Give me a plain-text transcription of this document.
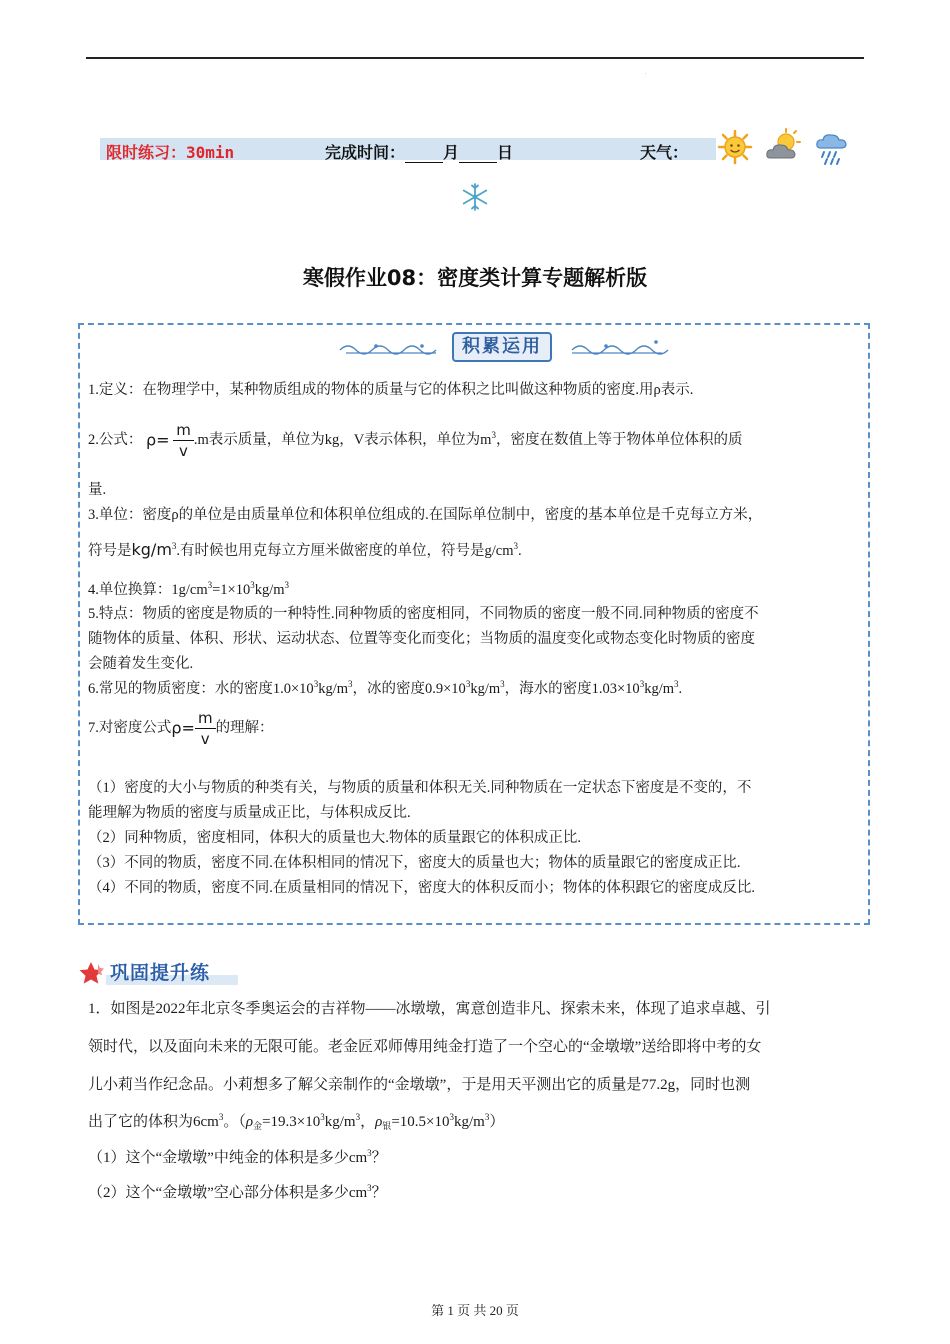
.
限时练习：30min	完成时间： 月 日	天气：
寒假作业08：密度类计算专题解析版
积累运用
1.定义：在物理学中，某种物质组成的物体的质量与它的体积之比叫做这种物质的密度.用ρ表示.
2.公式： $\rho= \frac{m}{v} .m$表示质量，单位为kg，V表示体积，单位为$m^3$，密度在数值上等于物体单位体积的质
量.
3.单位：密度ρ的单位是由质量单位和体积单位组成的.在国际单位制中，密度的基本单位是千克每立方米，
符号是$kg/m^3$.有时候也用克每立方厘米做密度的单位，符号是$g/cm^3$.
4.单位换算：$1g/cm^3=1\times 10^3kg/m^3$
5.特点：物质的密度是物质的一种特性.同种物质的密度相同，不同物质的密度一般不同.同种物质的密度不
随物体的质量、体积、形状、运动状态、位置等变化而变化；当物质的温度变化或物态变化时物质的密度
会随着发生变化.
6.常见的物质密度：水的密度$1.0\times 10^3kg/m^3$，冰的密度$0.9\times 10^3kg/m^3$，海水的密度$1.03\times 10^3kg/m^3$.
7.对密度公式$\rho= \frac{m}{v}$ 的理解：
（1）密度的大小与物质的种类有关，与物质的质量和体积无关.同种物质在一定状态下密度是不变的，不
能理解为物质的密度与质量成正比，与体积成反比.
（2）同种物质，密度相同，体积大的质量也大.物体的质量跟它的体积成正比.
（3）不同的物质，密度不同.在体积相同的情况下，密度大的质量也大；物体的质量跟它的密度成正比.
（4）不同的物质，密度不同.在质量相同的情况下，密度大的体积反而小；物体的体积跟它的密度成反比.
巩固提升练
1．如图是2022年北京冬季奥运会的吉祥物——冰墩墩，寓意创造非凡、探索未来，体现了追求卓越、引
领时代，以及面向未来的无限可能。老金匠邓师傅用纯金打造了一个空心的“金墩墩”送给即将中考的女
儿小莉当作纪念品。小莉想多了解父亲制作的“金墩墩”，于是用天平测出它的质量是77.2g，同时也测
出了它的体积为$6cm^3$。（$\rho_金=19.3\times 10^3kg/m^3$，$\rho_银=10.5\times 10^3kg/m^3$）
（1）这个“金墩墩”中纯金的体积是多少$cm^3$？
（2）这个“金墩墩”空心部分体积是多少$cm^3$？
第 1 页 共 20 页
